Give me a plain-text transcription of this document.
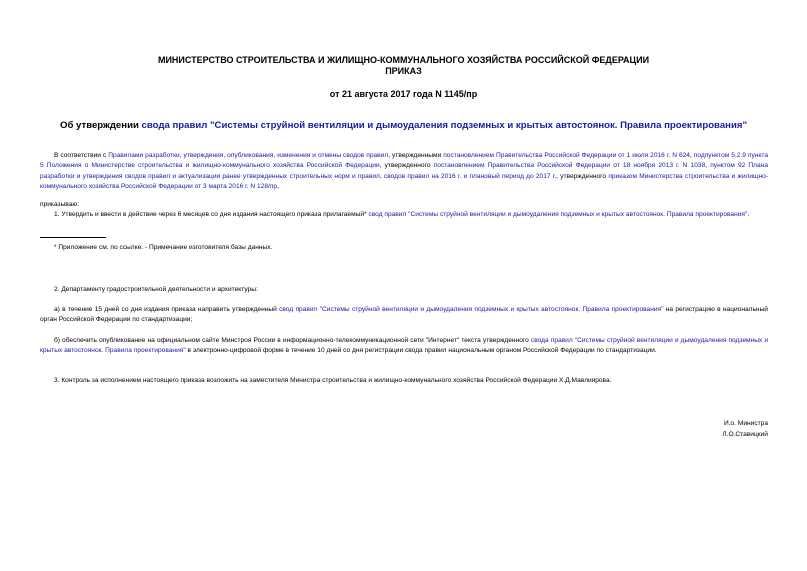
МИНИСТЕРСТВО СТРОИТЕЛЬСТВА И ЖИЛИЩНО-КОММУНАЛЬНОГО ХОЗЯЙСТВА РОССИЙСКОЙ ФЕДЕРАЦИИ
ПРИКАЗ
от 21 августа 2017 года N 1145/пр
Об утверждении свода правил "Системы струйной вентиляции и дымоудаления подземных и крытых автостоянок. Правила проектирования"
В соответствии с Правилами разработки, утверждения, опубликования, изменения и отмены сводов правил, утвержденными постановлением Правительства Российской Федерации от 1 июля 2016 г. N 624, подпунктом 5.2.9 пункта 5 Положения о Министерстве строительства и жилищно-коммунального хозяйства Российской Федерации, утвержденного постановлением Правительства Российской Федерации от 18 ноября 2013 г. N 1038, пунктом 92 Плана разработки и утверждения сводов правил и актуализации ранее утвержденных строительных норм и правил, сводов правил на 2016 г. и плановый период до 2017 г., утвержденного приказом Министерства строительства и жилищно-коммунального хозяйства Российской Федерации от 3 марта 2016 г. N 128/пр,
приказываю:
1. Утвердить и ввести в действие через 6 месяцев со дня издания настоящего приказа прилагаемый* свод правил "Системы струйной вентиляции и дымоудаления подземных и крытых автостоянок. Правила проектирования".
* Приложение см. по ссылке. - Примечание изготовителя базы данных.
2. Департаменту градостроительной деятельности и архитектуры:
а) в течение 15 дней со дня издания приказа направить утвержденный свод правил "Системы струйной вентиляции и дымоудаления подземных и крытых автостоянок. Правила проектирования" на регистрацию в национальный орган Российской Федерации по стандартизации;
б) обеспечить опубликование на официальном сайте Минстроя России в информационно-телекоммуникационной сети "Интернет" текста утвержденного свода правил "Системы струйной вентиляции и дымоудаления подземных и крытых автостоянок. Правила проектирования" в электронно-цифровой форме в течение 10 дней со дня регистрации свода правил национальным органом Российской Федерации по стандартизации.
3. Контроль за исполнением настоящего приказа возложить на заместителя Министра строительства и жилищно-коммунального хозяйства Российской Федерации Х.Д.Мавлиярова.
И.о. Министра
Л.О.Ставицкий
